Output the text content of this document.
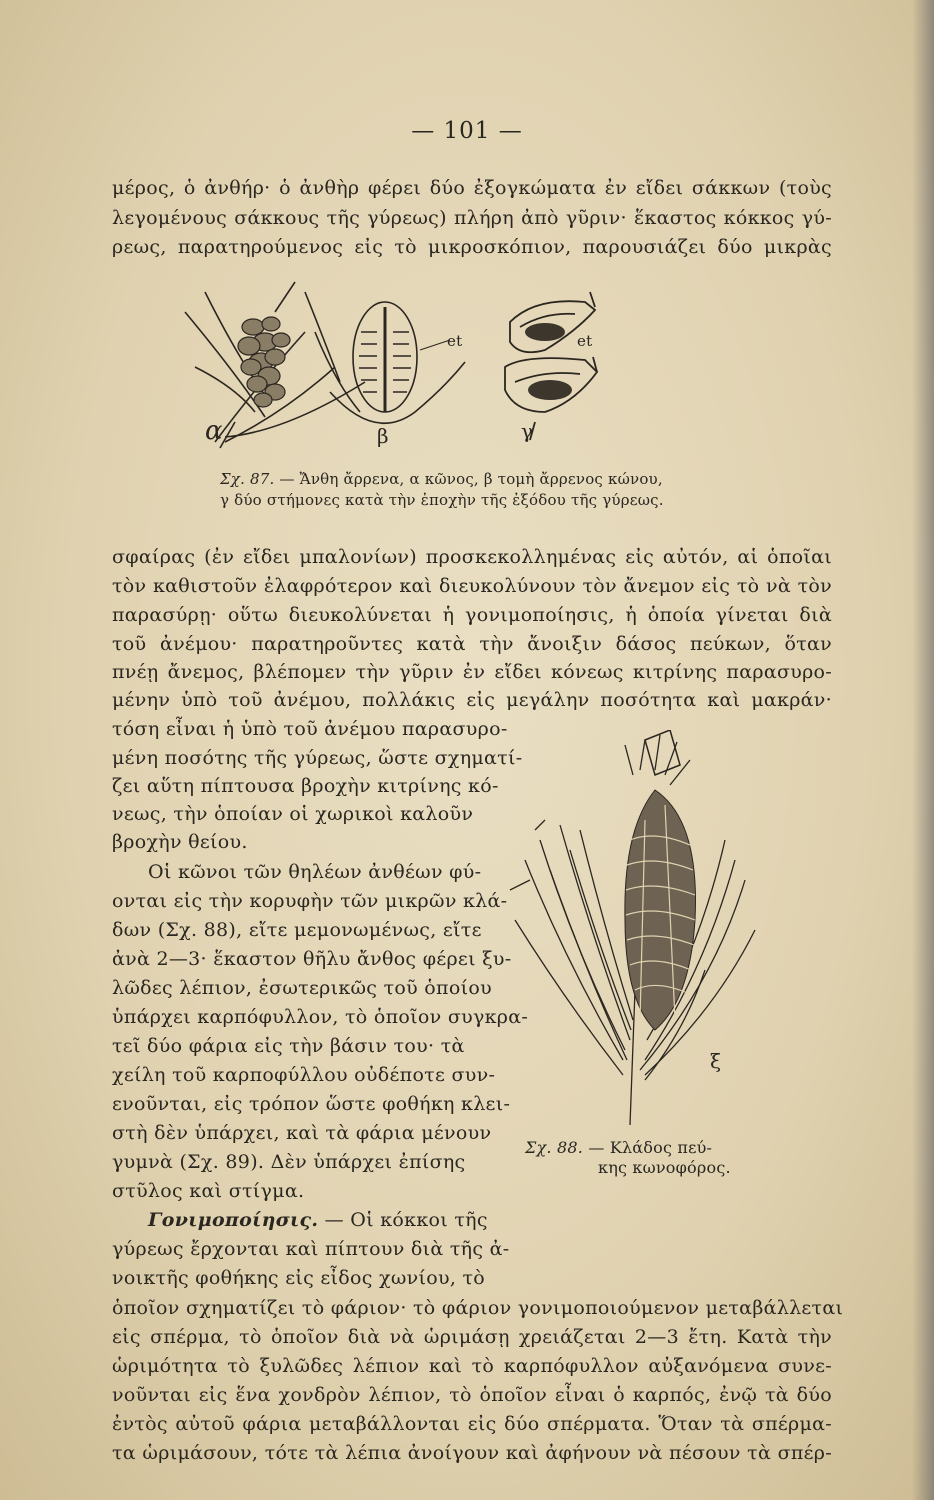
— 101 —
μέρος, ὁ ἀνθήρ· ὁ ἀνθὴρ φέρει δύο ἐξογκώματα ἐν εἴδει σάκκων (τοὺς
λεγομένους σάκκους τῆς γύρεως) πλήρη ἀπὸ γῦριν· ἕκαστος κόκκος γύ-
ρεως, παρατηρούμενος εἰς τὸ μικροσκόπιον, παρουσιάζει δύο μικρὰς
α	β	γ
et	et
Σχ. 87. — Ἄνθη ἄρρενα, α κῶνος, β τομὴ ἄρρενος κώνου,
γ δύο στήμονες κατὰ τὴν ἐποχὴν τῆς ἐξόδου τῆς γύρεως.
σφαίρας (ἐν εἴδει μπαλονίων) προσκεκολλημένας εἰς αὐτόν, αἱ ὁποῖαι
τὸν καθιστοῦν ἐλαφρότερον καὶ διευκολύνουν τὸν ἄνεμον εἰς τὸ νὰ τὸν
παρασύρῃ· οὕτω διευκολύνεται ἡ γονιμοποίησις, ἡ ὁποία γίνεται διὰ
τοῦ ἀνέμου· παρατηροῦντες κατὰ τὴν ἄνοιξιν δάσος πεύκων, ὅταν
πνέῃ ἄνεμος, βλέπομεν τὴν γῦριν ἐν εἴδει κόνεως κιτρίνης παρασυρο-
μένην ὑπὸ τοῦ ἀνέμου, πολλάκις εἰς μεγάλην ποσότητα καὶ μακράν·
τόση εἶναι ἡ ὑπὸ τοῦ ἀνέμου παρασυρο-
μένη ποσότης τῆς γύρεως, ὥστε σχηματί-
ζει αὕτη πίπτουσα βροχὴν κιτρίνης κό-
νεως, τὴν ὁποίαν οἱ χωρικοὶ καλοῦν
βροχὴν θείου.
Οἱ κῶνοι τῶν θηλέων ἀνθέων φύ-
ονται εἰς τὴν κορυφὴν τῶν μικρῶν κλά-
δων (Σχ. 88), εἴτε μεμονωμένως, εἴτε
ἀνὰ 2—3· ἕκαστον θῆλυ ἄνθος φέρει ξυ-
λῶδες λέπιον, ἐσωτερικῶς τοῦ ὁποίου
ὑπάρχει καρπόφυλλον, τὸ ὁποῖον συγκρα-
τεῖ δύο φάρια εἰς τὴν βάσιν του· τὰ
χείλη τοῦ καρποφύλλου οὐδέποτε συν-
ενοῦνται, εἰς τρόπον ὥστε φοθήκη κλει-
στὴ δὲν ὑπάρχει, καὶ τὰ φάρια μένουν
γυμνὰ (Σχ. 89). Δὲν ὑπάρχει ἐπίσης
στῦλος καὶ στίγμα.
Γονιμοποίησις. — Οἱ κόκκοι τῆς
γύρεως ἔρχονται καὶ πίπτουν διὰ τῆς ἀ-
νοικτῆς φοθήκης εἰς εἶδος χωνίου, τὸ
ξ
Σχ. 88. — Κλάδος πεύ-
κης κωνοφόρος.
ὁποῖον σχηματίζει τὸ φάριον· τὸ φάριον γονιμοποιούμενον μεταβάλλεται
εἰς σπέρμα, τὸ ὁποῖον διὰ νὰ ὡριμάσῃ χρειάζεται 2—3 ἔτη. Κατὰ τὴν
ὡριμότητα τὸ ξυλῶδες λέπιον καὶ τὸ καρπόφυλλον αὐξανόμενα συνε-
νοῦνται εἰς ἕνα χονδρὸν λέπιον, τὸ ὁποῖον εἶναι ὁ καρπός, ἐνῷ τὰ δύο
ἐντὸς αὐτοῦ φάρια μεταβάλλονται εἰς δύο σπέρματα. Ὅταν τὰ σπέρμα-
τα ὡριμάσουν, τότε τὰ λέπια ἀνοίγουν καὶ ἀφήνουν νὰ πέσουν τὰ σπέρ-
